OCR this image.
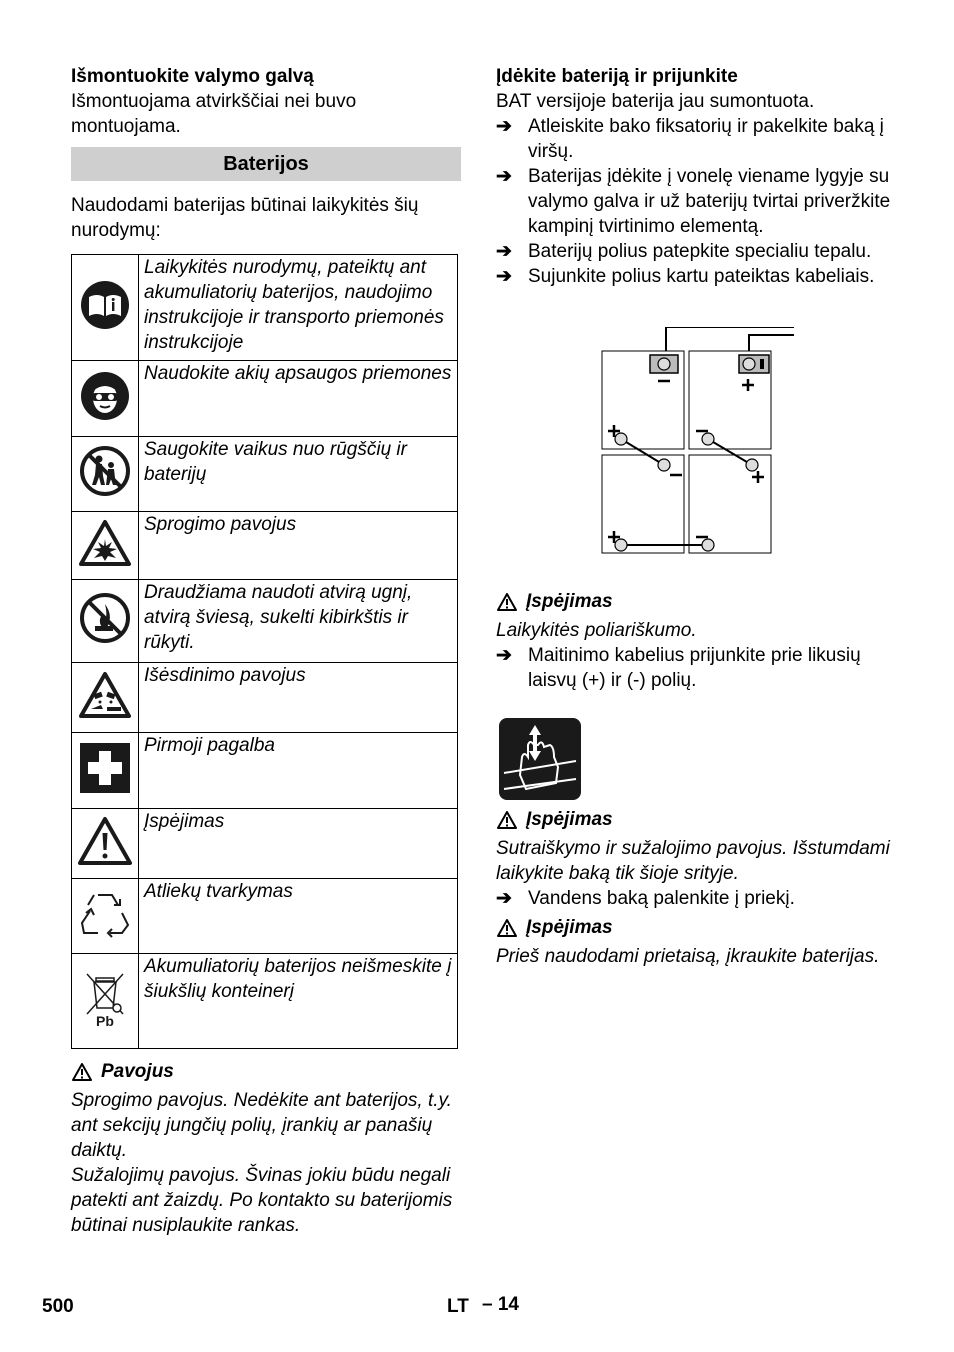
Išmontuokite valymo galvą

Išmontuojama atvirkščiai nei buvo montuojama.

Baterijos

Naudodami baterijas būtinai laikykitės šių nurodymų:

	Laikykitės nurodymų, pateiktų ant akumuliatorių baterijos, naudojimo instrukcijoje ir transporto priemonės instrukcijoje
	Naudokite akių apsaugos priemones
	Saugokite vaikus nuo rūgščių ir baterijų
	Sprogimo pavojus
	Draudžiama naudoti atvirą ugnį, atvirą šviesą, sukelti kibirkštis ir rūkyti.
	Išėsdinimo pavojus
	Pirmoji pagalba
	Įspėjimas
	Atliekų tvarkymas

Pb	Akumuliatorių baterijos neišmeskite į šiukšlių konteinerį
Pavojus

Sprogimo pavojus. Nedėkite ant baterijos, t.y. ant sekcijų jungčių polių, įrankių ar panašių daiktų.

Sužalojimų pavojus. Švinas jokiu būdu negali patekti ant žaizdų. Po kontakto su baterijomis būtinai nusiplaukite rankas.

Įdėkite bateriją ir prijunkite

BAT versijoje baterija jau sumontuota.

➔ Atleiskite bako fiksatorių ir pakelkite baką į viršų.
➔ Baterijas įdėkite į vonelę viename lygyje su valymo galva ir už baterijų tvirtai priveržkite kampinį tvirtinimo elementą.
➔ Baterijų polius patepkite specialiu tepalu.
➔ Sujunkite polius kartu pateiktas kabeliais.
Įspėjimas

Laikykitės poliariškumo.

➔ Maitinimo kabelius prijunkite prie likusių laisvų (+) ir (-) polių.
Įspėjimas

Sutraiškymo ir sužalojimo pavojus. Išstumdami laikykite baką tik šioje srityje.

➔ Vandens baką palenkite į priekį.
Įspėjimas

Prieš naudodami prietaisą, įkraukite baterijas.

500	LT – 14
